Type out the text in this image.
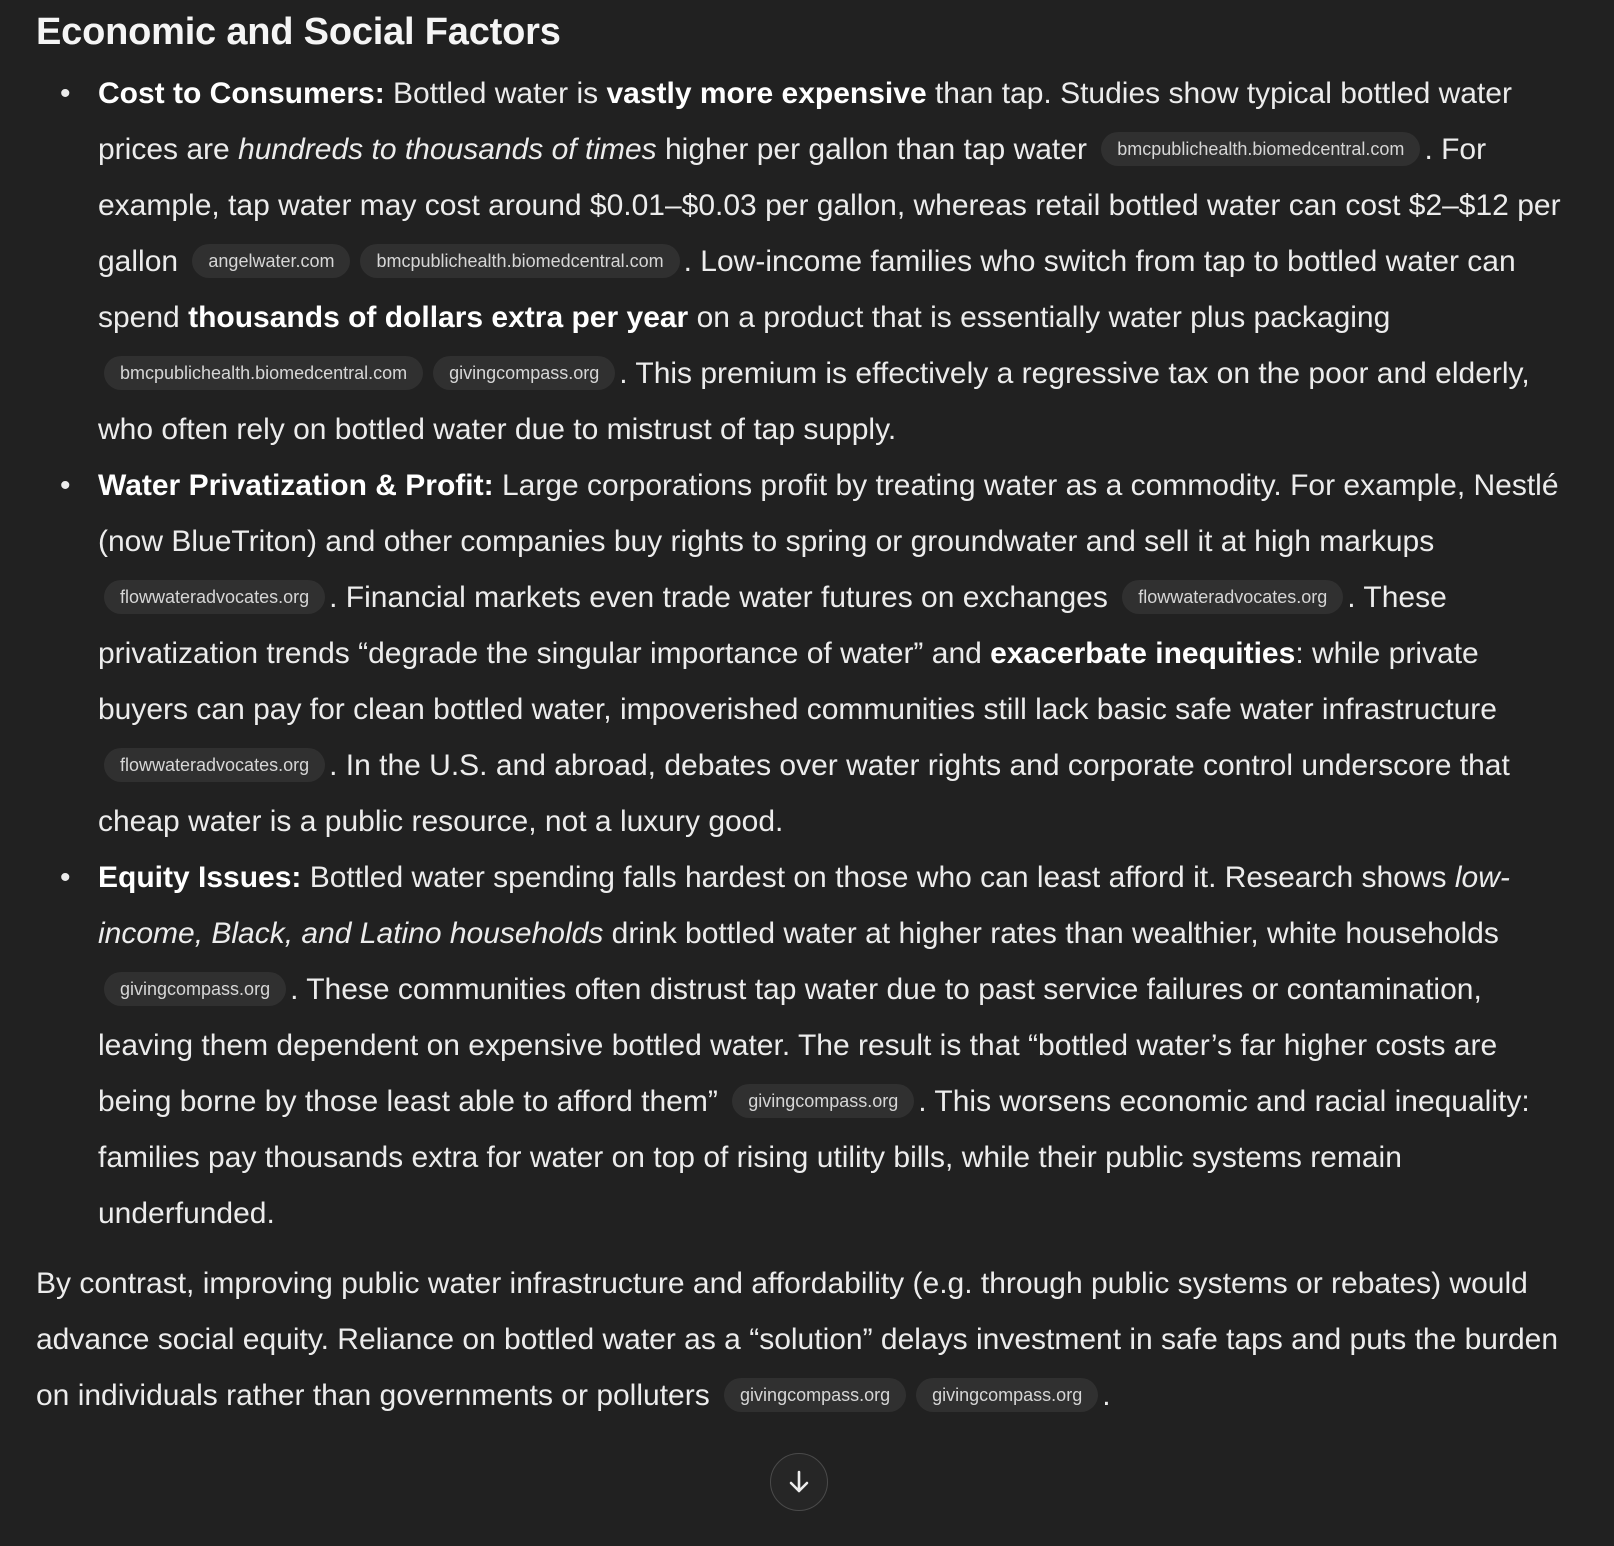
Economic and Social Factors
• Cost to Consumers: Bottled water is vastly more expensive than tap. Studies show typical bottled water prices are hundreds to thousands of times higher per gallon than tap water bmcpublichealth.biomedcentral.com . For example, tap water may cost around $0.01–$0.03 per gallon, whereas retail bottled water can cost $2–$12 per gallon angelwater.com bmcpublichealth.biomedcentral.com . Low-income families who switch from tap to bottled water can spend thousands of dollars extra per year on a product that is essentially water plus packaging bmcpublichealth.biomedcentral.com givingcompass.org . This premium is effectively a regressive tax on the poor and elderly, who often rely on bottled water due to mistrust of tap supply.
• Water Privatization & Profit: Large corporations profit by treating water as a commodity. For example, Nestlé (now BlueTriton) and other companies buy rights to spring or groundwater and sell it at high markups flowwateradvocates.org . Financial markets even trade water futures on exchanges flowwateradvocates.org . These privatization trends “degrade the singular importance of water” and exacerbate inequities: while private buyers can pay for clean bottled water, impoverished communities still lack basic safe water infrastructure flowwateradvocates.org . In the U.S. and abroad, debates over water rights and corporate control underscore that cheap water is a public resource, not a luxury good.
• Equity Issues: Bottled water spending falls hardest on those who can least afford it. Research shows low-income, Black, and Latino households drink bottled water at higher rates than wealthier, white households givingcompass.org . These communities often distrust tap water due to past service failures or contamination, leaving them dependent on expensive bottled water. The result is that “bottled water’s far higher costs are being borne by those least able to afford them” givingcompass.org . This worsens economic and racial inequality: families pay thousands extra for water on top of rising utility bills, while their public systems remain underfunded.

By contrast, improving public water infrastructure and affordability (e.g. through public systems or rebates) would advance social equity. Reliance on bottled water as a “solution” delays investment in safe taps and puts the burden on individuals rather than governments or polluters givingcompass.org givingcompass.org .
